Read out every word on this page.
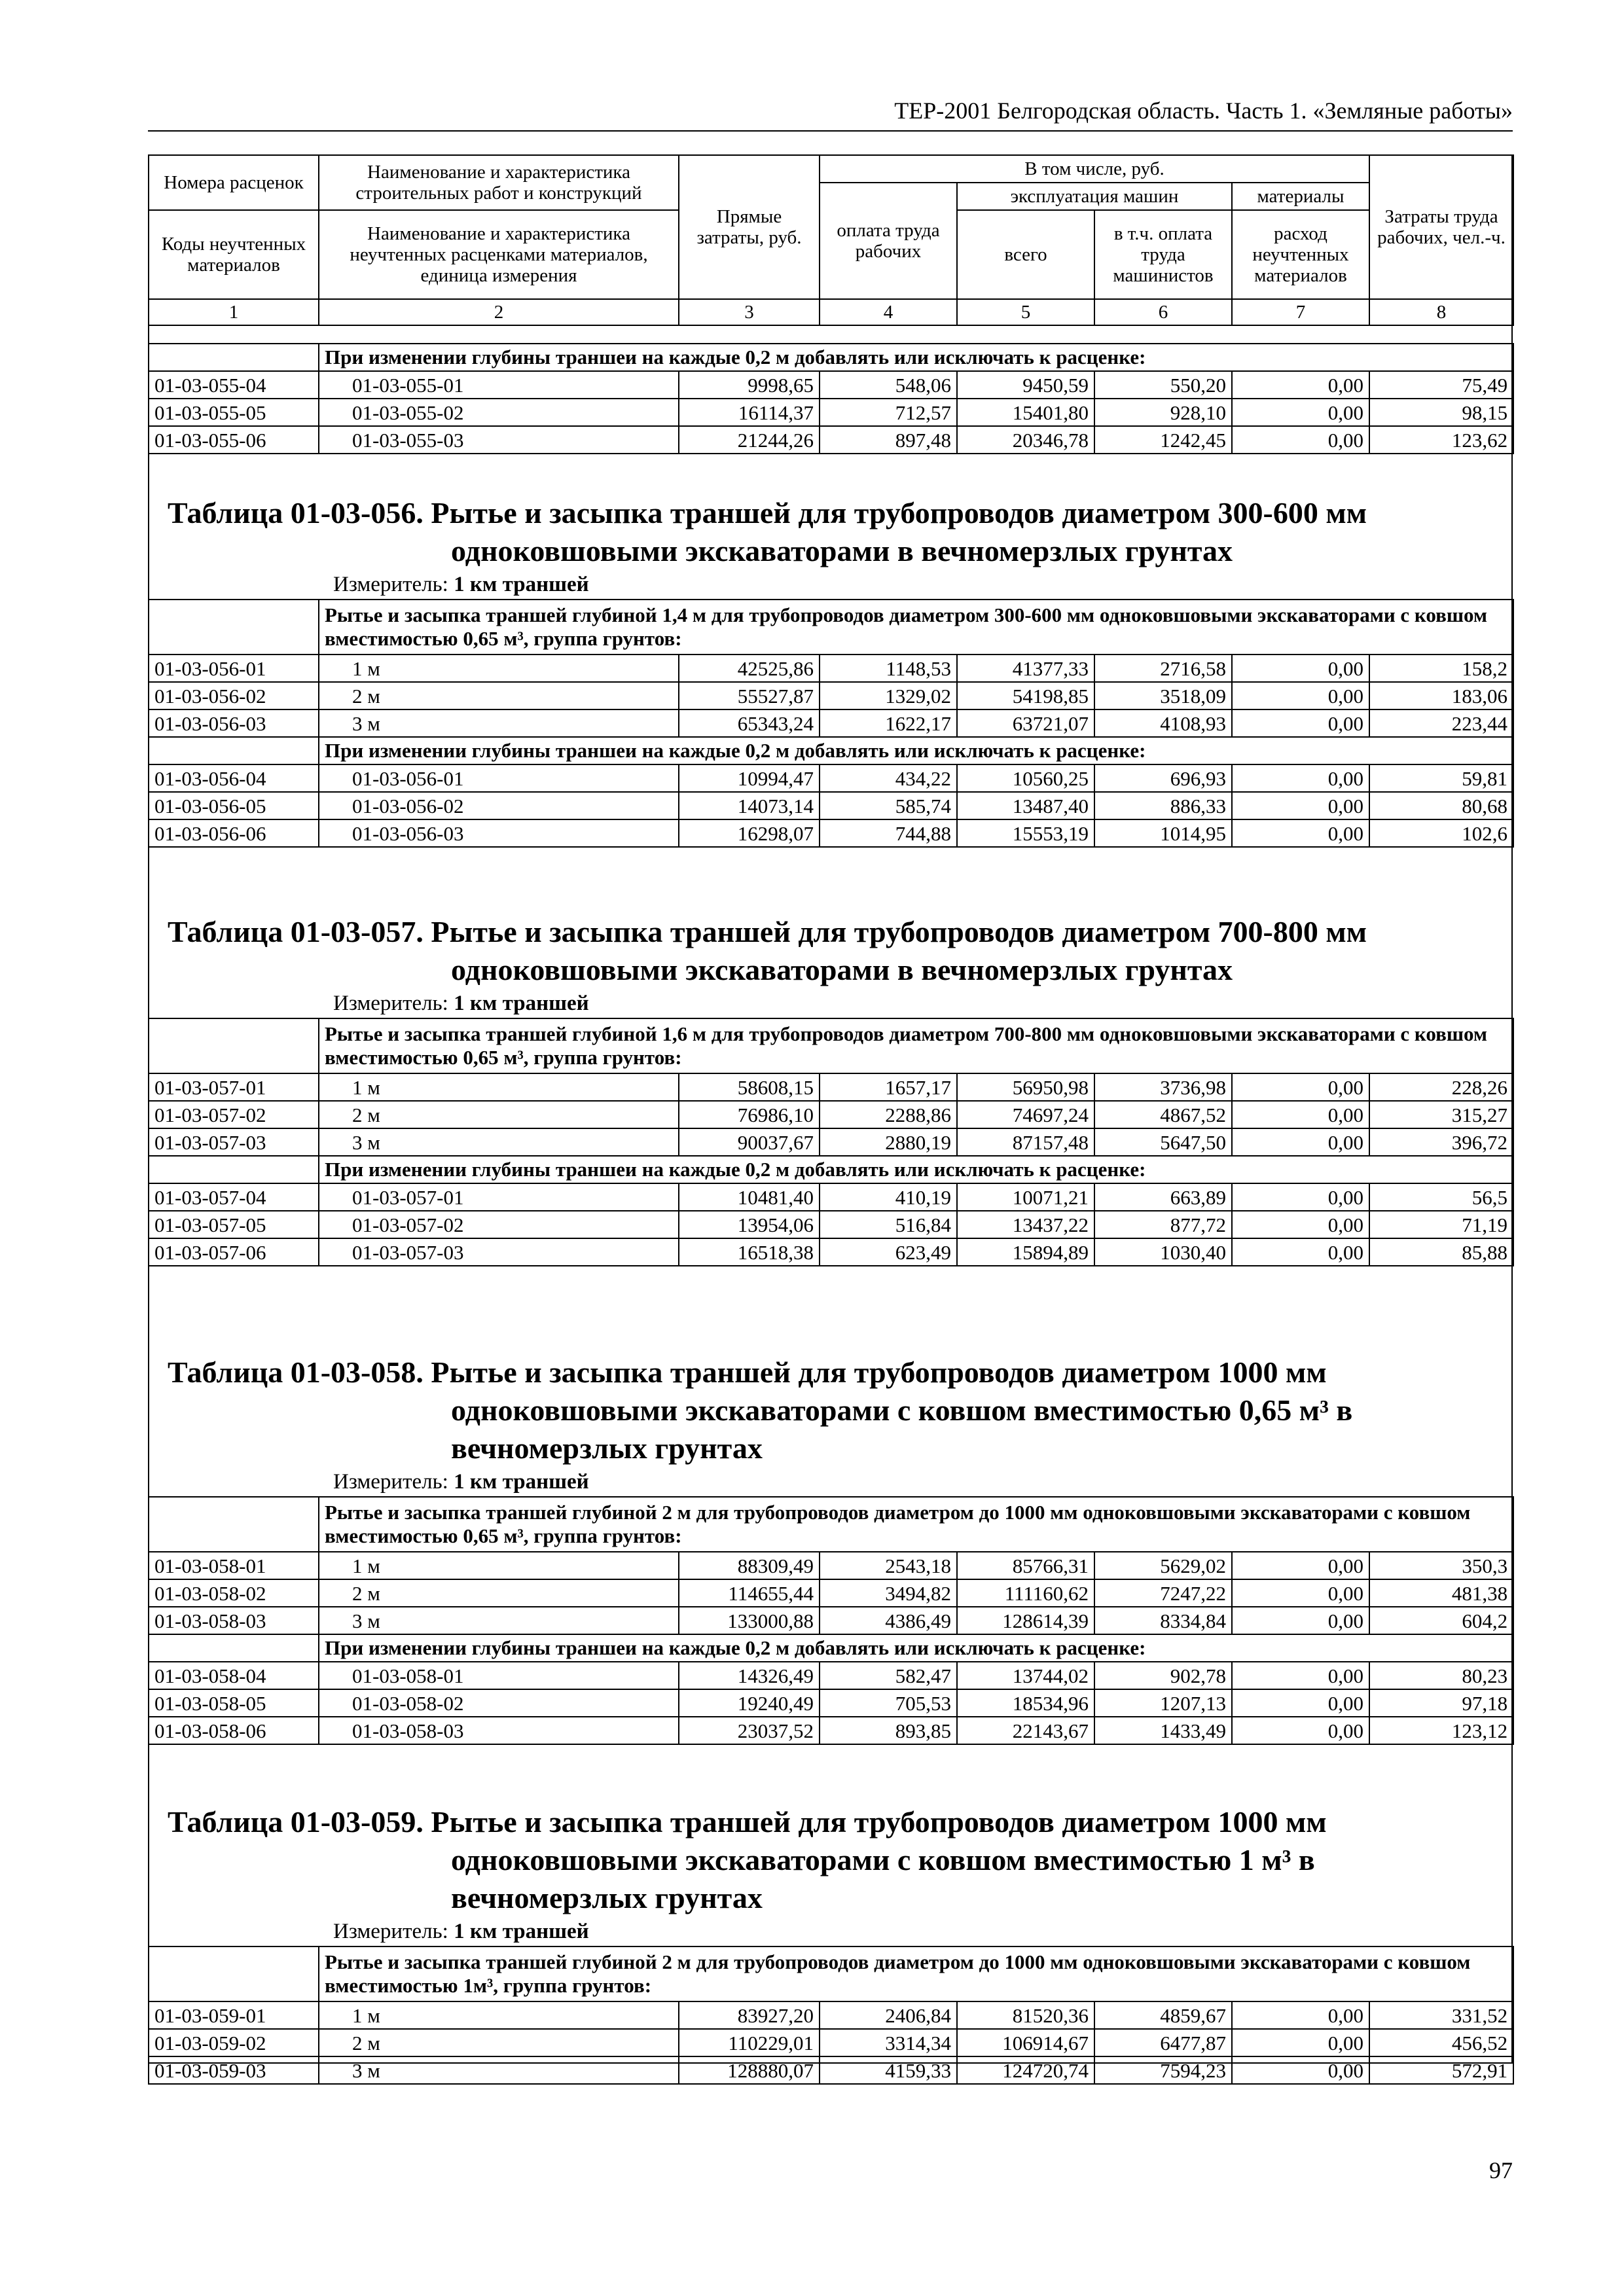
ТЕР-2001 Белгородская область. Часть 1. «Земляные работы»
Номера расценок	Наименование и характеристика строительных работ и конструкций	Прямые затраты, руб.	В том числе, руб.				Затраты труда рабочих, чел.-ч.
			оплата труда рабочих	эксплуатация машин		материалы	
Коды неучтенных материалов	Наименование и характеристика неучтенных расценками материалов, единица измерения			всего	в т.ч. оплата труда машинистов	расход неучтенных материалов	

1	2	3	4	5	6	7	8
	При изменении глубины траншеи на каждые 0,2 м добавлять или исключать к расценке:						
01-03-055-04	01-03-055-01	9998,65	548,06	9450,59	550,20	0,00	75,49
01-03-055-05	01-03-055-02	16114,37	712,57	15401,80	928,10	0,00	98,15
01-03-055-06	01-03-055-03	21244,26	897,48	20346,78	1242,45	0,00	123,62
Таблица 01-03-056. Рытье и засыпка траншей для трубопроводов диаметром 300-600 мм
одноковшовыми экскаваторами в вечномерзлых грунтах
Измеритель: 1 км траншей
	Рытье и засыпка траншей глубиной 1,4 м для трубопроводов диаметром 300-600 мм одноковшовыми экскаваторами с ковшом вместимостью 0,65 м³, группа грунтов:						
01-03-056-01	1 м	42525,86	1148,53	41377,33	2716,58	0,00	158,2
01-03-056-02	2 м	55527,87	1329,02	54198,85	3518,09	0,00	183,06
01-03-056-03	3 м	65343,24	1622,17	63721,07	4108,93	0,00	223,44
	При изменении глубины траншеи на каждые 0,2 м добавлять или исключать к расценке:						
01-03-056-04	01-03-056-01	10994,47	434,22	10560,25	696,93	0,00	59,81
01-03-056-05	01-03-056-02	14073,14	585,74	13487,40	886,33	0,00	80,68
01-03-056-06	01-03-056-03	16298,07	744,88	15553,19	1014,95	0,00	102,6
Таблица 01-03-057. Рытье и засыпка траншей для трубопроводов диаметром 700-800 мм
одноковшовыми экскаваторами в вечномерзлых грунтах
Измеритель: 1 км траншей
	Рытье и засыпка траншей глубиной 1,6 м для трубопроводов диаметром 700-800 мм одноковшовыми экскаваторами с ковшом вместимостью 0,65 м³, группа грунтов:						
01-03-057-01	1 м	58608,15	1657,17	56950,98	3736,98	0,00	228,26
01-03-057-02	2 м	76986,10	2288,86	74697,24	4867,52	0,00	315,27
01-03-057-03	3 м	90037,67	2880,19	87157,48	5647,50	0,00	396,72
	При изменении глубины траншеи на каждые 0,2 м добавлять или исключать к расценке:						
01-03-057-04	01-03-057-01	10481,40	410,19	10071,21	663,89	0,00	56,5
01-03-057-05	01-03-057-02	13954,06	516,84	13437,22	877,72	0,00	71,19
01-03-057-06	01-03-057-03	16518,38	623,49	15894,89	1030,40	0,00	85,88
Таблица 01-03-058. Рытье и засыпка траншей для трубопроводов диаметром 1000 мм
одноковшовыми экскаваторами с ковшом вместимостью 0,65 м³ в
вечномерзлых грунтах
Измеритель: 1 км траншей
	Рытье и засыпка траншей глубиной 2 м для трубопроводов диаметром до 1000 мм одноковшовыми экскаваторами с ковшом вместимостью 0,65 м³, группа грунтов:						
01-03-058-01	1 м	88309,49	2543,18	85766,31	5629,02	0,00	350,3
01-03-058-02	2 м	114655,44	3494,82	111160,62	7247,22	0,00	481,38
01-03-058-03	3 м	133000,88	4386,49	128614,39	8334,84	0,00	604,2
	При изменении глубины траншеи на каждые 0,2 м добавлять или исключать к расценке:						
01-03-058-04	01-03-058-01	14326,49	582,47	13744,02	902,78	0,00	80,23
01-03-058-05	01-03-058-02	19240,49	705,53	18534,96	1207,13	0,00	97,18
01-03-058-06	01-03-058-03	23037,52	893,85	22143,67	1433,49	0,00	123,12
Таблица 01-03-059. Рытье и засыпка траншей для трубопроводов диаметром 1000 мм
одноковшовыми экскаваторами с ковшом вместимостью 1 м³ в
вечномерзлых грунтах
Измеритель: 1 км траншей
	Рытье и засыпка траншей глубиной 2 м для трубопроводов диаметром до 1000 мм одноковшовыми экскаваторами с ковшом вместимостью 1м³, группа грунтов:						
01-03-059-01	1 м	83927,20	2406,84	81520,36	4859,67	0,00	331,52
01-03-059-02	2 м	110229,01	3314,34	106914,67	6477,87	0,00	456,52
01-03-059-03	3 м	128880,07	4159,33	124720,74	7594,23	0,00	572,91
97
